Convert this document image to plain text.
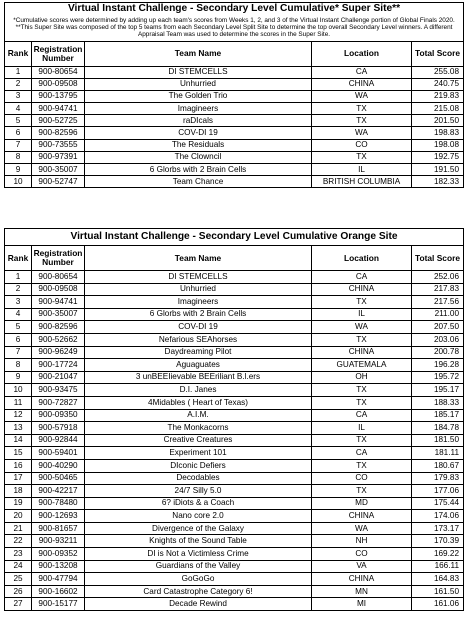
Virtual Instant Challenge - Secondary Level Cumulative* Super Site**				
*Cumulative scores were determined by adding up each team's scores from Weeks 1, 2, and 3 of the Virtual Instant Challenge portion of Global Finals 2020.				
**This Super Site was composed of the top 5 teams from each Secondary Level Split Site to determine the top overall Secondary Level winners. A different Appraisal Team was used to determine the scores in the Super Site.				
Rank	Registration Number	Team Name	Location	Total Score
1	900-80654	DI STEMCELLS	CA	255.08
2	900-09508	Unhurried	CHINA	240.75
3	900-13795	The Golden Trio	WA	219.83
4	900-94741	Imagineers	TX	215.08
5	900-52725	raDIcals	TX	201.50
6	900-82596	COV-DI 19	WA	198.83
7	900-73555	The Residuals	CO	198.08
8	900-97391	The Clowncil	TX	192.75
9	900-35007	6 Glorbs with 2 Brain Cells	IL	191.50
10	900-52747	Team Chance	BRITISH COLUMBIA	182.33
Virtual Instant Challenge - Secondary Level Cumulative Orange Site				
Rank	Registration Number	Team Name	Location	Total Score
1	900-80654	DI STEMCELLS	CA	252.06
2	900-09508	Unhurried	CHINA	217.83
3	900-94741	Imagineers	TX	217.56
4	900-35007	6 Glorbs with 2 Brain Cells	IL	211.00
5	900-82596	COV-DI 19	WA	207.50
6	900-52662	Nefarious SEAhorses	TX	203.06
7	900-96249	Daydreaming Pilot	CHINA	200.78
8	900-17724	Aguaguates	GUATEMALA	196.28
9	900-21047	3 unBEEIievable BEEriliant B.l.ers	OH	195.72
10	900-93475	D.I. Janes	TX	195.17
11	900-72827	4Midables ( Heart of Texas)	TX	188.33
12	900-09350	A.I.M.	CA	185.17
13	900-57918	The Monkacorns	IL	184.78
14	900-92844	Creative Creatures	TX	181.50
15	900-59401	Experiment 101	CA	181.11
16	900-40290	DIconic Defiers	TX	180.67
17	900-50465	Decodables	CO	179.83
18	900-42217	24/7 Silly 5.0	TX	177.06
19	900-78480	6? iDiots & a Coach	MD	175.44
20	900-12693	Nano core 2.0	CHINA	174.06
21	900-81657	Divergence of the Galaxy	WA	173.17
22	900-93211	Knights of the Sound Table	NH	170.39
23	900-09352	DI is Not a Victimless Crime	CO	169.22
24	900-13208	Guardians of the Valley	VA	166.11
25	900-47794	GoGoGo	CHINA	164.83
26	900-16602	Card Catastrophe Category 6!	MN	161.50
27	900-15177	Decade Rewind	MI	161.06
